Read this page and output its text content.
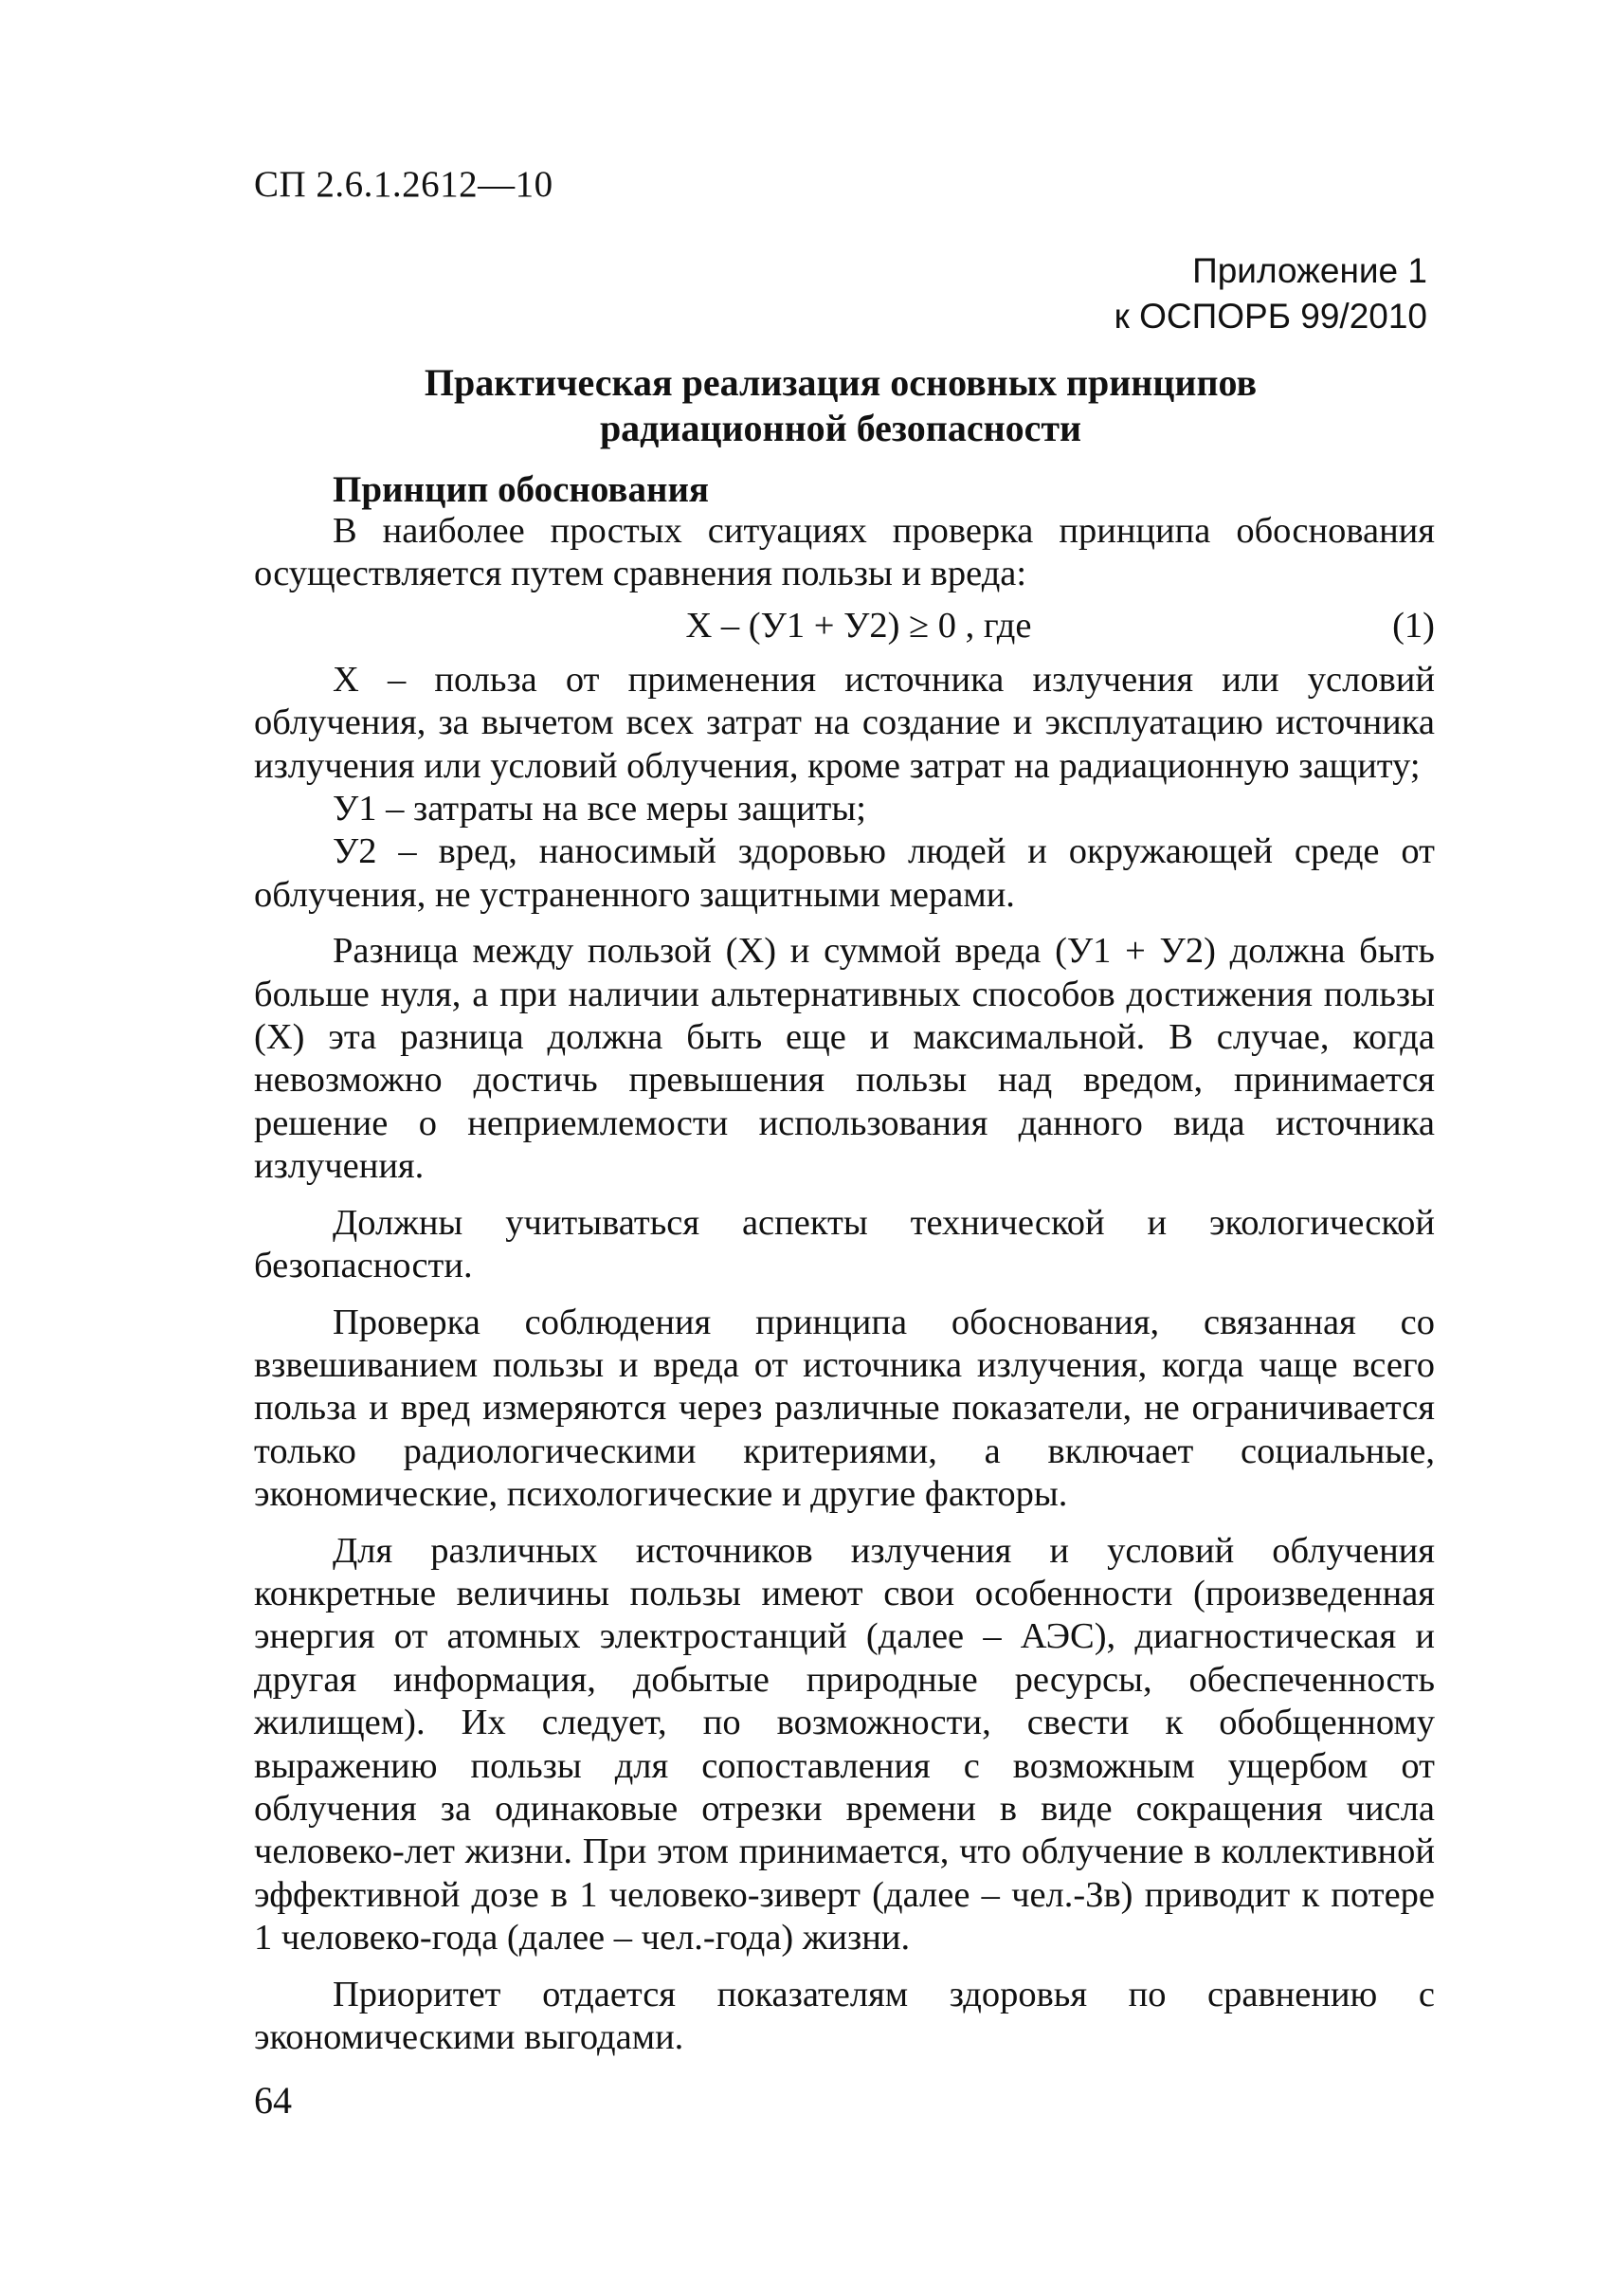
СП 2.6.1.2612—10
Приложение 1
к ОСПОРБ 99/2010
Практическая реализация основных принципов
радиационной безопасности
Принцип обоснования

В наиболее простых ситуациях проверка принципа обоснования осуществляется путем сравнения пользы и вреда:

X – (У1 + У2) ≥ 0 , где	(1)

X – польза от применения источника излучения или условий облучения, за вычетом всех затрат на создание и эксплуатацию источника излучения или условий облучения, кроме затрат на радиационную защиту;

У1 – затраты на все меры защиты;

У2 – вред, наносимый здоровью людей и окружающей среде от облучения, не устраненного защитными мерами.

Разница между пользой (X) и суммой вреда (У1 + У2) должна быть больше нуля, а при наличии альтернативных способов достижения пользы (X) эта разница должна быть еще и максимальной. В случае, когда невозможно достичь превышения пользы над вредом, принимается решение о неприемлемости использования данного вида источника излучения.

Должны учитываться аспекты технической и экологической безопасности.

Проверка соблюдения принципа обоснования, связанная со взвешиванием пользы и вреда от источника излучения, когда чаще всего польза и вред измеряются через различные показатели, не ограничивается только радиологическими критериями, а включает социальные, экономические, психологические и другие факторы.

Для различных источников излучения и условий облучения конкретные величины пользы имеют свои особенности (произведенная энергия от атомных электростанций (далее – АЭС), диагностическая и другая информация, добытые природные ресурсы, обеспеченность жилищем). Их следует, по возможности, свести к обобщенному выражению пользы для сопоставления с возможным ущербом от облучения за одинаковые отрезки времени в виде сокращения числа человеко-лет жизни. При этом принимается, что облучение в коллективной эффективной дозе в 1 человеко-зиверт (далее – чел.-Зв) приводит к потере 1 человеко-года (далее – чел.-года) жизни.

Приоритет отдается показателям здоровья по сравнению с экономическими выгодами.

64
